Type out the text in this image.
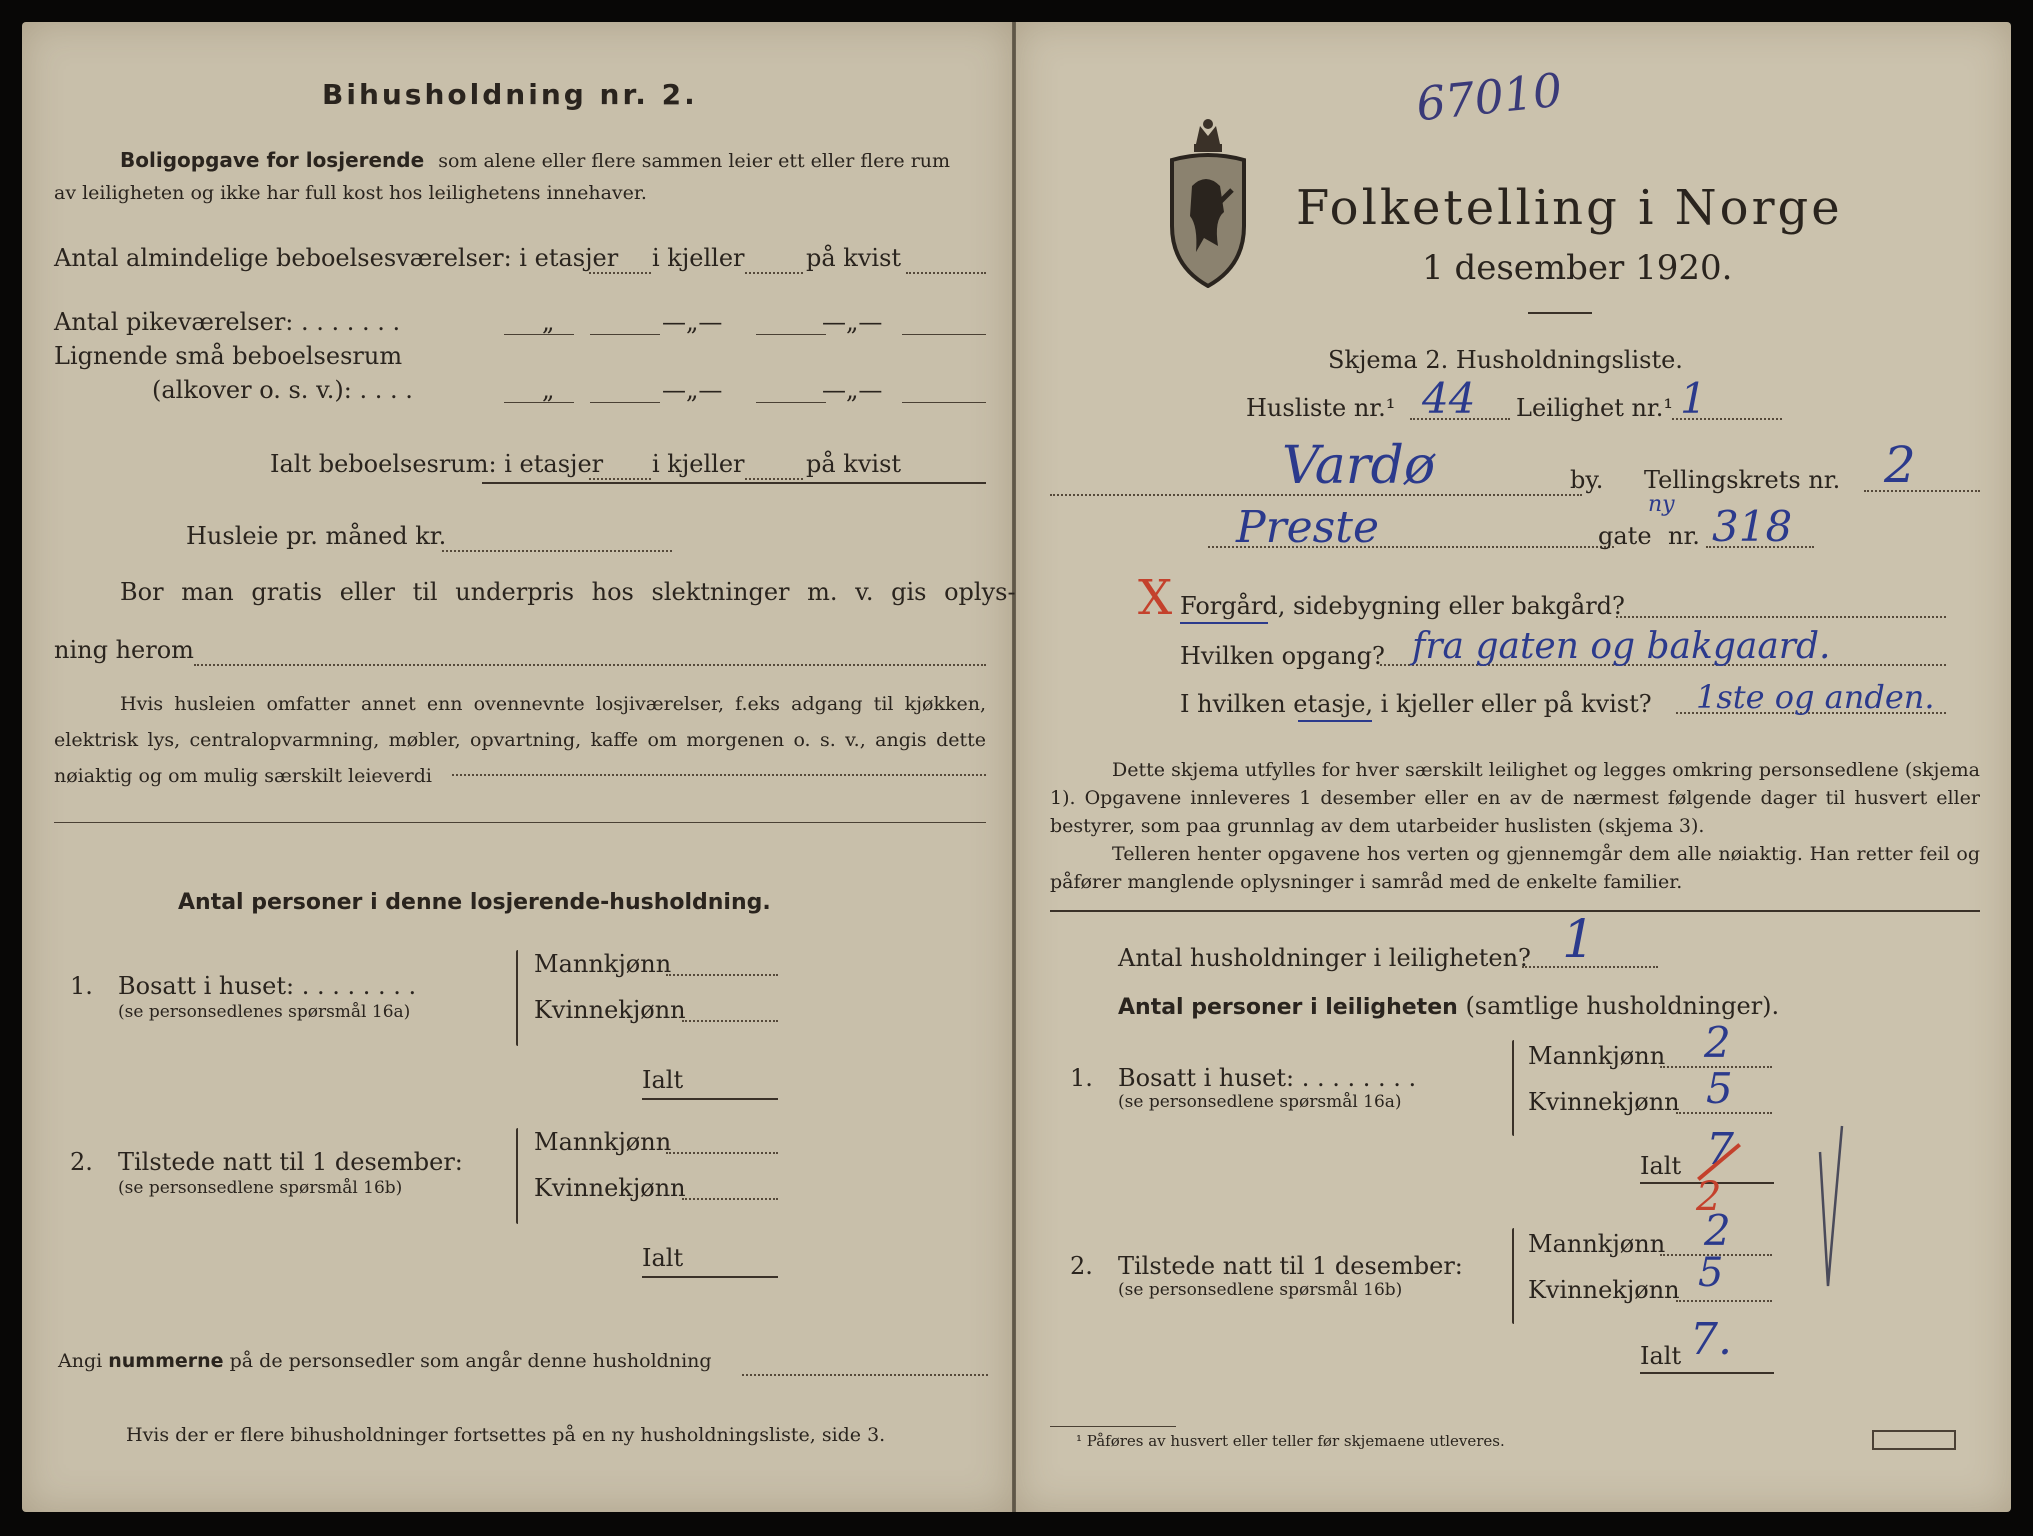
Bihusholdning nr. 2.
Boligopgave for losjerende som alene eller flere sammen leier ett eller flere rum
av leiligheten og ikke har full kost hos leilighetens innehaver.
Antal almindelige beboelsesværelser: i etasjer i kjeller	på kvist
Antal pikeværelser: . . . . . . .	„	—„—	—„—
Lignende små beboelsesrum
(alkover o. s. v.): . . . .	„	—„—	—„—
Ialt beboelsesrum: i etasjer i kjeller	på kvist
Husleie pr. måned kr.
Bor man gratis eller til underpris hos slektninger m. v. gis oplys-
ning herom
Hvis husleien omfatter annet enn ovennevnte losjiværelser, f.eks adgang til kjøkken, elektrisk lys, centralopvarmning, møbler, opvartning, kaffe om morgenen o. s. v., angis dette nøiaktig og om mulig særskilt leieverdi
Antal personer i denne losjerende-husholdning.
1. Bosatt i huset: . . . . . . . .
(se personsedlenes spørsmål 16a)
Mannkjønn
Kvinnekjønn
Ialt
2. Tilstede natt til 1 desember:
(se personsedlene spørsmål 16b)
Mannkjønn
Kvinnekjønn
Ialt
Angi nummerne på de personsedler som angår denne husholdning
Hvis der er flere bihusholdninger fortsettes på en ny husholdningsliste, side 3.
67010
Folketelling i Norge
1 desember 1920.
Skjema 2. Husholdningsliste.
Husliste nr.¹ 44 Leilighet nr.¹ 1
Vardø	by. Tellingskrets nr. 2
Preste	gate nr.
ny 318
X Forgård, sidebygning eller bakgård?
Hvilken opgang? fra gaten og bakgaard.
I hvilken etasje, i kjeller eller på kvist? 1ste og anden.
Dette skjema utfylles for hver særskilt leilighet og legges omkring personsedlene (skjema 1). Opgavene innleveres 1 desember eller en av de nærmest følgende dager til husvert eller bestyrer, som paa grunnlag av dem utarbeider huslisten (skjema 3).
Telleren henter opgavene hos verten og gjennemgår dem alle nøiaktig. Han retter feil og påfører manglende oplysninger i samråd med de enkelte familier.
Antal husholdninger i leiligheten? 1
Antal personer i leiligheten (samtlige husholdninger).
1. Bosatt i huset: . . . . . . . .
(se personsedlene spørsmål 16a)
Mannkjønn 2
Kvinnekjønn 5
Ialt 7
2
2. Tilstede natt til 1 desember:
(se personsedlene spørsmål 16b)
Mannkjønn 2
Kvinnekjønn 5
Ialt 7.
¹ Påføres av husvert eller teller før skjemaene utleveres.
